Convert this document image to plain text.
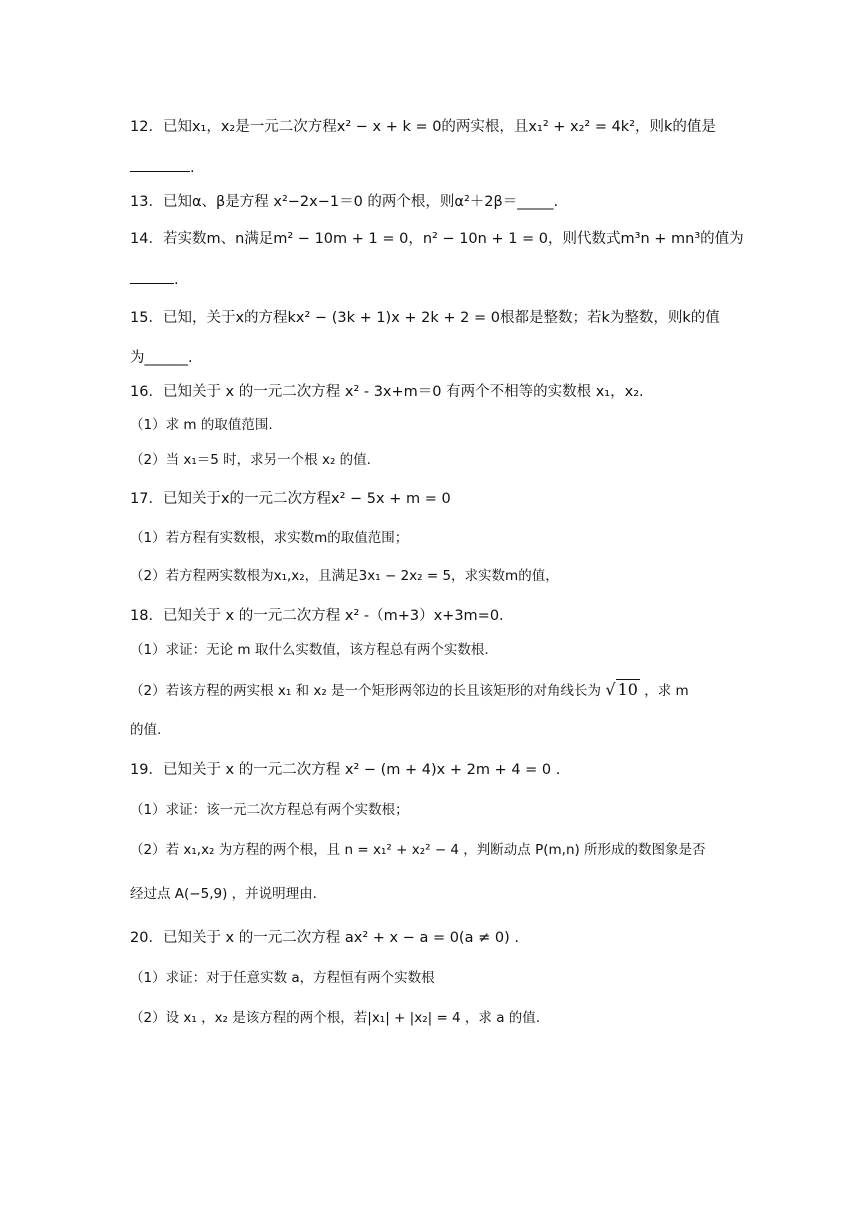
12．已知x₁，x₂是一元二次方程x² − x + k = 0的两实根，且x₁² + x₂² = 4k²，则k的值是
.
13．已知α、β是方程 x²−2x−1＝0 的两个根，则α²＋2β＝_____.
14．若实数m、n满足m² − 10m + 1 = 0，n² − 10n + 1 = 0，则代数式m³n + mn³的值为
.
15．已知，关于x的方程kx² − (3k + 1)x + 2k + 2 = 0根都是整数；若k为整数，则k的值
为______.
16．已知关于 x 的一元二次方程 x² - 3x+m＝0 有两个不相等的实数根 x₁，x₂.
（1）求 m 的取值范围.
（2）当 x₁＝5 时，求另一个根 x₂ 的值.
17．已知关于x的一元二次方程x² − 5x + m = 0
（1）若方程有实数根，求实数m的取值范围；
（2）若方程两实数根为x₁,x₂，且满足3x₁ − 2x₂ = 5，求实数m的值，
18．已知关于 x 的一元二次方程 x² -（m+3）x+3m=0.
（1）求证：无论 m 取什么实数值，该方程总有两个实数根.
（2）若该方程的两实根 x₁ 和 x₂ 是一个矩形两邻边的长且该矩形的对角线长为 √ 10 ，求 m
的值.
19．已知关于 x 的一元二次方程 x² − (m + 4)x + 2m + 4 = 0 .
（1）求证：该一元二次方程总有两个实数根；
（2）若 x₁,x₂ 为方程的两个根，且 n = x₁² + x₂² − 4 ，判断动点 P(m,n) 所形成的数图象是否
经过点 A(−5,9) ，并说明理由.
20．已知关于 x 的一元二次方程 ax² + x − a = 0(a ≠ 0) .
（1）求证：对于任意实数 a，方程恒有两个实数根
（2）设 x₁ ，x₂ 是该方程的两个根，若|x₁| + |x₂| = 4 ，求 a 的值.
